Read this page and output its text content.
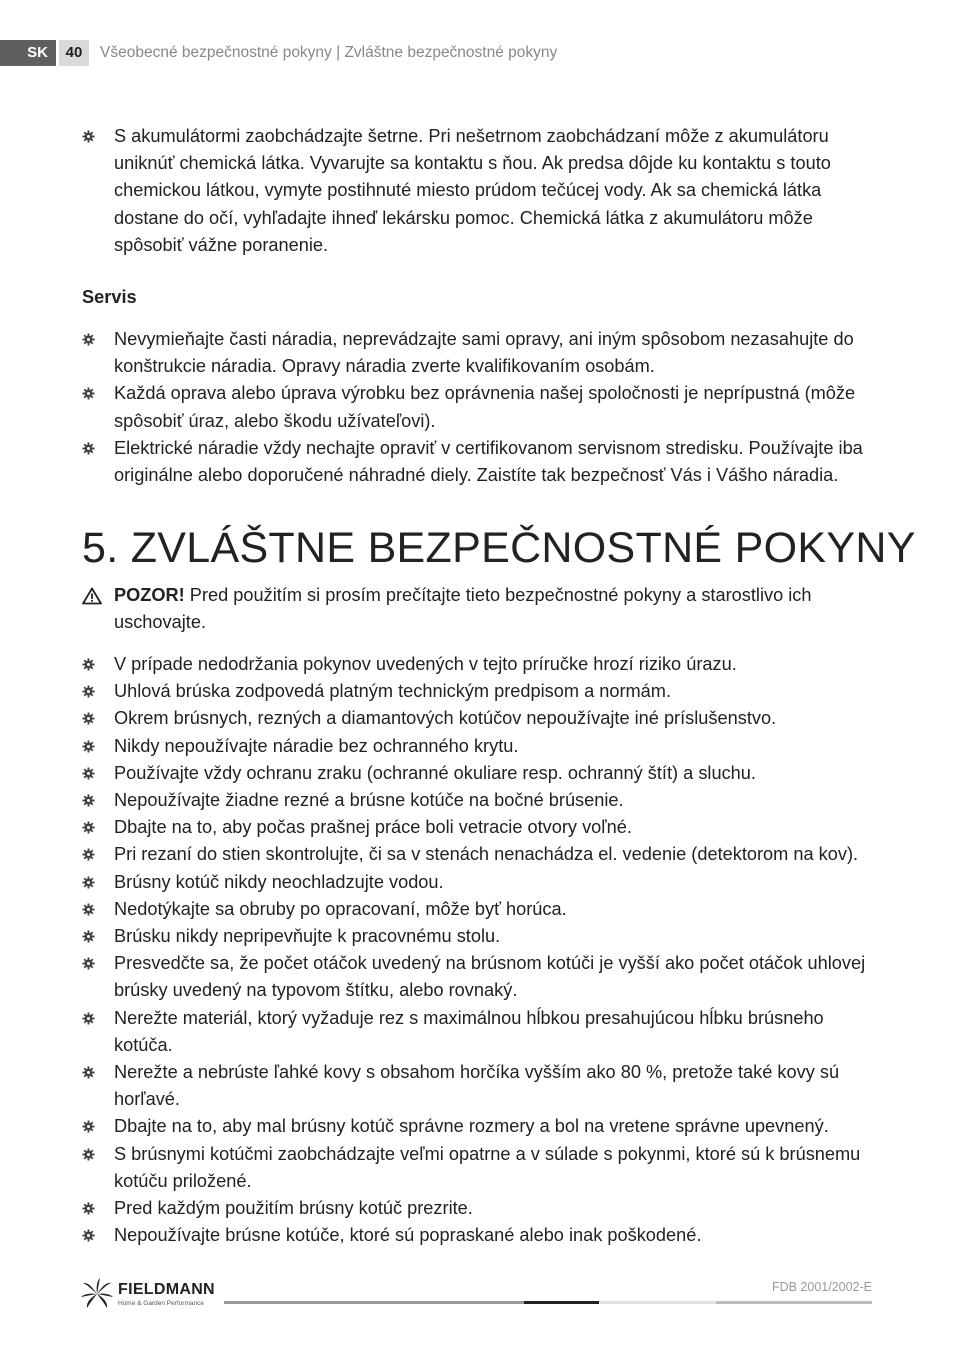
SK	40	Všeobecné bezpečnostné pokyny | Zvláštne bezpečnostné pokyny
S akumulátormi zaobchádzajte šetrne. Pri nešetrnom zaobchádzaní môže z akumulátoru uniknúť chemická látka. Vyvarujte sa kontaktu s ňou. Ak predsa dôjde ku kontaktu s touto chemickou látkou, vymyte postihnuté miesto prúdom tečúcej vody. Ak sa chemická látka dostane do očí, vyhľadajte ihneď lekársku pomoc. Chemická látka z akumulátoru môže spôsobiť vážne poranenie.
Servis
Nevymieňajte časti náradia, neprevádzajte sami opravy, ani iným spôsobom nezasahujte do konštrukcie náradia. Opravy náradia zverte kvalifikovaním osobám.
Každá oprava alebo úprava výrobku bez oprávnenia našej spoločnosti je neprípustná (môže spôsobiť úraz, alebo škodu užívateľovi).
Elektrické náradie vždy nechajte opraviť v certifikovanom servisnom stredisku. Používajte iba originálne alebo doporučené náhradné diely. Zaistíte tak bezpečnosť Vás i Vášho náradia.
5. ZVLÁŠTNE BEZPEČNOSTNÉ POKYNY
POZOR! Pred použitím si prosím prečítajte tieto bezpečnostné pokyny a starostlivo ich uschovajte.
V prípade nedodržania pokynov uvedených v tejto príručke hrozí riziko úrazu.
Uhlová brúska zodpovedá platným technickým predpisom a normám.
Okrem brúsnych, rezných a diamantových kotúčov nepoužívajte iné príslušenstvo.
Nikdy nepoužívajte náradie bez ochranného krytu.
Používajte vždy ochranu zraku (ochranné okuliare resp. ochranný štít) a sluchu.
Nepoužívajte žiadne rezné a brúsne kotúče na bočné brúsenie.
Dbajte na to, aby počas prašnej práce boli vetracie otvory voľné.
Pri rezaní do stien skontrolujte, či sa v stenách nenachádza el. vedenie (detektorom na kov).
Brúsny kotúč nikdy neochladzujte vodou.
Nedotýkajte sa obruby po opracovaní, môže byť horúca.
Brúsku nikdy nepripevňujte k pracovnému stolu.
Presvedčte sa, že počet otáčok uvedený na brúsnom kotúči je vyšší ako počet otáčok uhlovej brúsky uvedený na typovom štítku, alebo rovnaký.
Nerežte materiál, ktorý vyžaduje rez s maximálnou hĺbkou presahujúcou hĺbku brúsneho kotúča.
Nerežte a nebrúste ľahké kovy s obsahom horčíka vyšším ako 80 %, pretože také kovy sú horľavé.
Dbajte na to, aby mal brúsny kotúč správne rozmery a bol na vretene správne upevnený.
S brúsnymi kotúčmi zaobchádzajte veľmi opatrne a v súlade s pokynmi, ktoré sú k brúsnemu kotúču priložené.
Pred každým použitím brúsny kotúč prezrite.
Nepoužívajte brúsne kotúče, ktoré sú popraskané alebo inak poškodené.
FIELDMANN
Home & Garden Performance
FDB 2001/2002-E
